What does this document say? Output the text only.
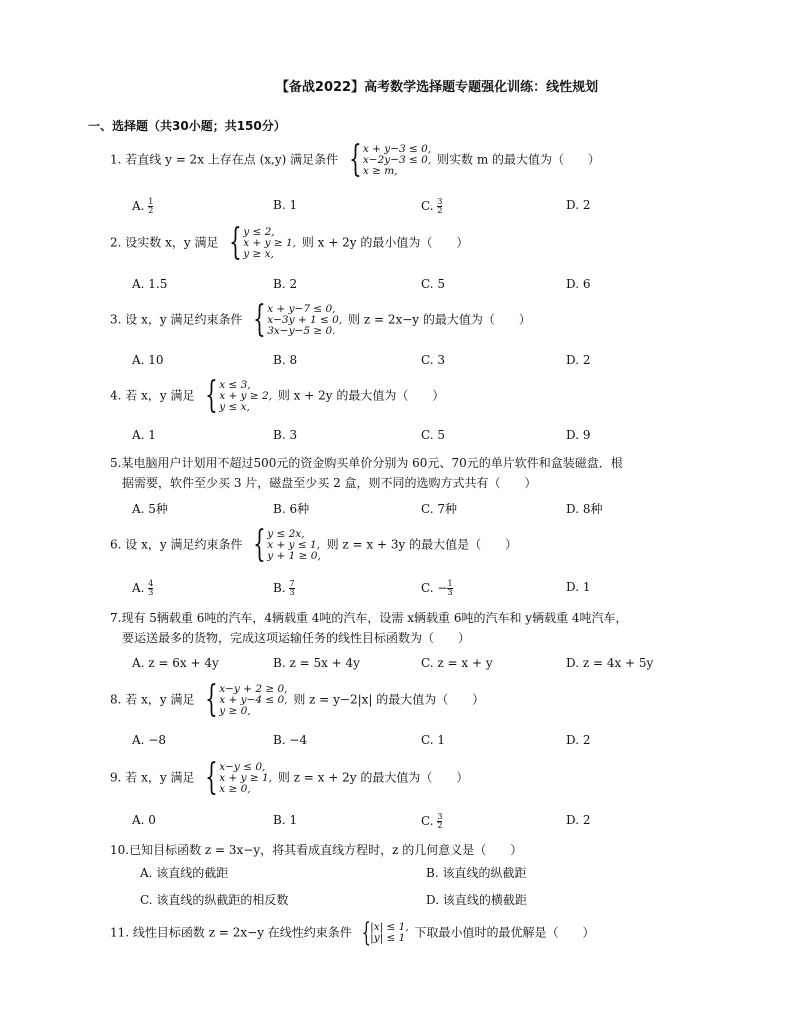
【备战2022】高考数学选择题专题强化训练：线性规划
一、选择题（共30小题；共150分）
1. 若直线 y = 2x 上存在点 (x,y) 满足条件 { x + y−3 ≤ 0,
x−2y−3 ≤ 0,
x ≥ m,
则实数 m 的最大值为（　　）
A. $\frac{1}{2}$	B. 1	C. $\frac{3}{2}$	D. 2
2. 设实数 x，y 满足 { y ≤ 2,
x + y ≥ 1,
y ≥ x,
则 x + 2y 的最小值为（　　）
A. 1.5	B. 2	C. 5	D. 6
3. 设 x，y 满足约束条件 { x + y−7 ≤ 0,
x−3y + 1 ≤ 0,
3x−y−5 ≥ 0.
则 z = 2x−y 的最大值为（　　）
A. 10	B. 8	C. 3	D. 2
4. 若 x，y 满足 { x ≤ 3,
x + y ≥ 2,
y ≤ x,
则 x + 2y 的最大值为（　　）
A. 1	B. 3	C. 5	D. 9
5.某电脑用户计划用不超过500元的资金购买单价分别为 60元、70元的单片软件和盒装磁盘．根
据需要，软件至少买 3 片，磁盘至少买 2 盒，则不同的选购方式共有（　　）
A. 5种	B. 6种	C. 7种	D. 8种
6. 设 x，y 满足约束条件 { y ≤ 2x,
x + y ≤ 1,
y + 1 ≥ 0,
则 z = x + 3y 的最大值是（　　）
A. $\frac{4}{3}$	B. $\frac{7}{3}$	C. − $\frac{1}{3}$	D. 1
7.现有 5辆载重 6吨的汽车，4辆载重 4吨的汽车，设需 x辆载重 6吨的汽车和 y辆载重 4吨汽车，
要运送最多的货物，完成这项运输任务的线性目标函数为（　　）
A. z = 6x + 4y	B. z = 5x + 4y	C. z = x + y	D. z = 4x + 5y
8. 若 x，y 满足 { x−y + 2 ≥ 0,
x + y−4 ≤ 0,
y ≥ 0,
则 z = y−2|x| 的最大值为（　　）
A. −8	B. −4	C. 1	D. 2
9. 若 x，y 满足 { x−y ≤ 0,
x + y ≥ 1,
x ≥ 0,
则 z = x + 2y 的最大值为（　　）
A. 0	B. 1	C. $\frac{3}{2}$	D. 2
10.已知目标函数 z = 3x−y，将其看成直线方程时，z 的几何意义是（　　）
A. 该直线的截距	B. 该直线的纵截距
C. 该直线的纵截距的相反数	D. 该直线的横截距
11. 线性目标函数 z = 2x−y 在线性约束条件 { |x| ≤ 1,
|y| ≤ 1 下取最小值时的最优解是（　　）
